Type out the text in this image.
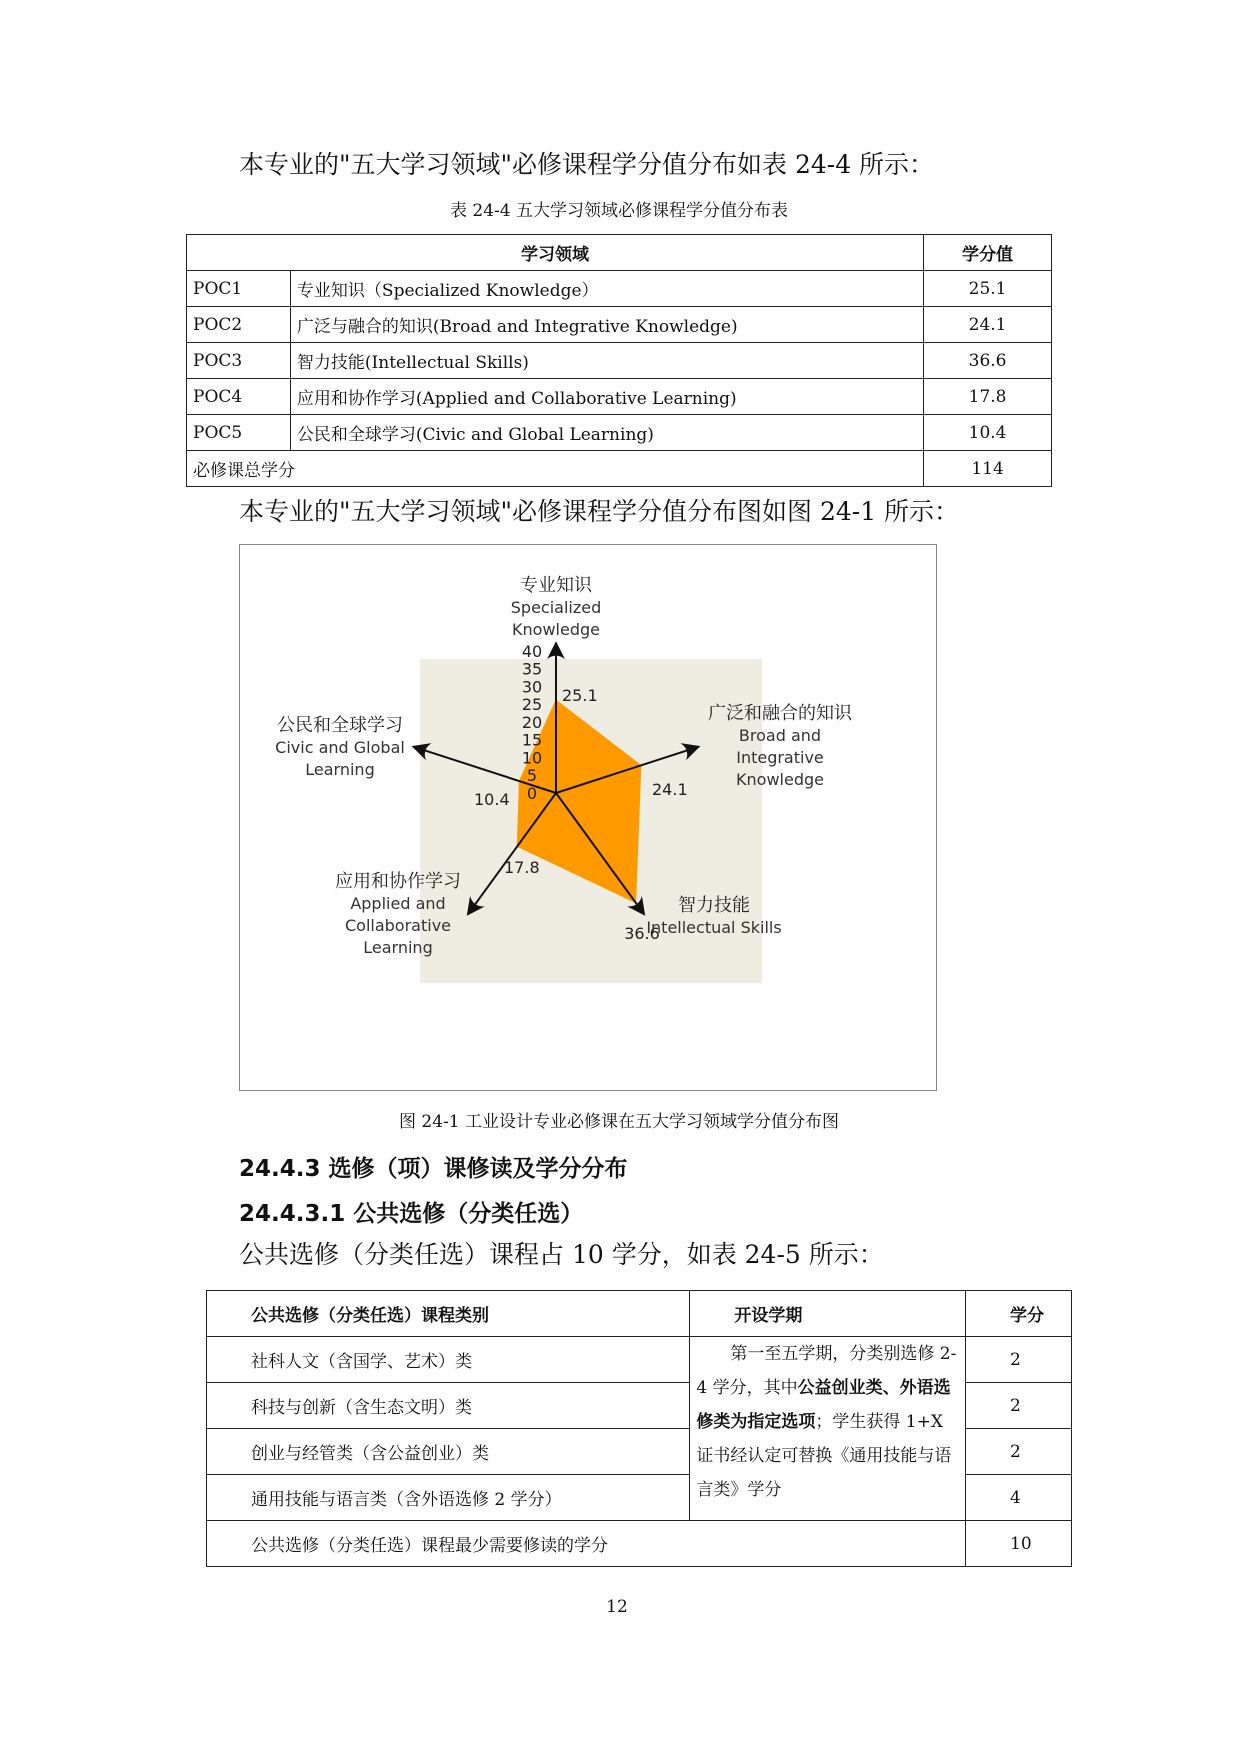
本专业的"五大学习领域"必修课程学分值分布如表 24-4 所示：
表 24-4 五大学习领域必修课程学分值分布表
学习领域		学分值
POC1	专业知识（Specialized Knowledge）	25.1
POC2	广泛与融合的知识(Broad and Integrative Knowledge)	24.1
POC3	智力技能(Intellectual Skills)	36.6
POC4	应用和协作学习(Applied and Collaborative Learning)	17.8
POC5	公民和全球学习(Civic and Global Learning)	10.4
必修课总学分		114
本专业的"五大学习领域"必修课程学分值分布图如图 24-1 所示：
0
5
10
15
20
25
30
35
40
25.1
24.1
36.6
17.8
10.4
专业知识
Specialized
Knowledge
广泛和融合的知识
Broad and
Integrative
Knowledge
智力技能
Intellectual Skills
应用和协作学习
Applied and
Collaborative
Learning
公民和全球学习
Civic and Global
Learning
图 24-1 工业设计专业必修课在五大学习领域学分值分布图
24.4.3 选修（项）课修读及学分分布
24.4.3.1 公共选修（分类任选）
公共选修（分类任选）课程占 10 学分，如表 24-5 所示：
公共选修（分类任选）课程类别	开设学期	学分
社科人文（含国学、艺术）类	第一至五学期，分类别选修 2-4 学分，其中公益创业类、外语选修类为指定选项；学生获得 1+X 证书经认定可替换《通用技能与语言类》学分	2
科技与创新（含生态文明）类		2
创业与经管类（含公益创业）类		2
通用技能与语言类（含外语选修 2 学分）		4
公共选修（分类任选）课程最少需要修读的学分		10
12
